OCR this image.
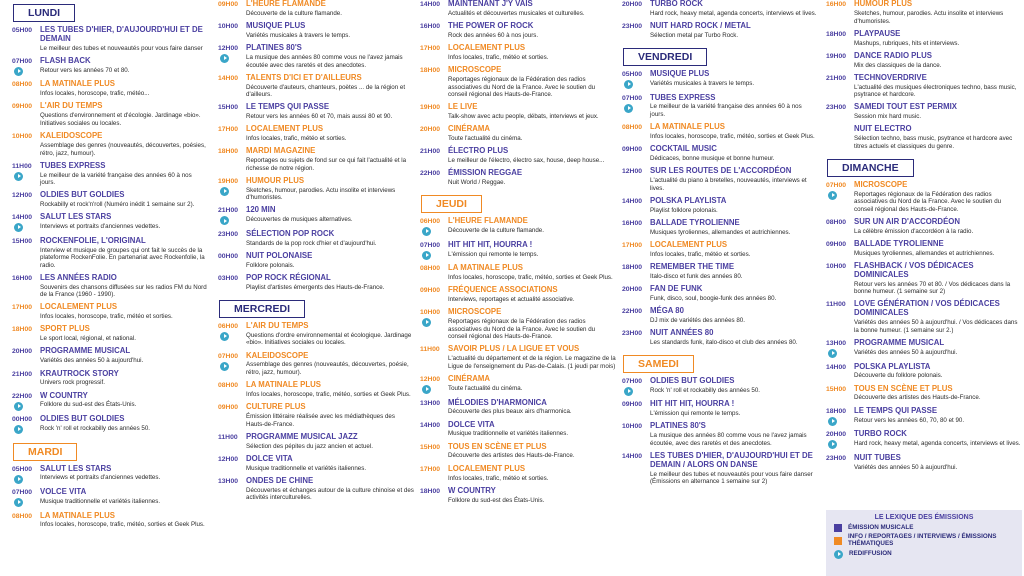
LUNDI
05H00	LES TUBES D'HIER, D'AUJOURD'HUI ET DE DEMAIN
Le meilleur des tubes et nouveautés pour vous faire danser
07H00	FLASH BACK
Retour vers les années 70 et 80.
08H00	LA MATINALE PLUS
Infos locales, horoscope, trafic, météo...
09H00	L'AIR DU TEMPS
Questions d'environnement et d'écologie. Jardinage «bio». Initiatives sociales ou locales.
10H00	KALEIDOSCOPE
Assemblage des genres (nouveautés, découvertes, poésies, rétro, jazz, humour).
11H00	TUBES EXPRESS
Le meilleur de la variété française des années 60 à nos jours.
12H00	OLDIES BUT GOLDIES
Rockabilly et rock'n'roll (Numéro inédit 1 semaine sur 2).
14H00	SALUT LES STARS
Interviews et portraits d'anciennes vedettes.
15H00	ROCKENFOLIE, L'ORIGINAL
Interview et musique de groupes qui ont fait le succès de la plateforme RockenFolie. En partenariat avec Rockenfolie, la radio.
16H00	LES ANNÉES RADIO
Souvenirs des chansons diffusées sur les radios FM du Nord de la France (1960 - 1990).
17H00	LOCALEMENT PLUS
Infos locales, horoscope, trafic, météo et sorties.
18H00	SPORT PLUS
Le sport local, régional, et national.
20H00	PROGRAMME MUSICAL
Variétés des années 50 à aujourd'hui.
21H00	KRAUTROCK STORY
Univers rock progressif.
22H00	W COUNTRY
Folklore du sud-est des États-Unis.
00H00	OLDIES BUT GOLDIES
Rock 'n' roll et rockabilly des années 50.
MARDI
05H00	SALUT LES STARS
Interviews et portraits d'anciennes vedettes.
07H00	VOLCE VITA
Musique traditionnelle et variétés italiennes.
08H00	LA MATINALE PLUS
Infos locales, horoscope, trafic, météo, sorties et Geek Plus.
09H00	L'HEURE FLAMANDE
Découverte de la culture flamande.
10H00	MUSIQUE PLUS
Variétés musicales à travers le temps.
12H00	PLATINES 80'S
La musique des années 80 comme vous ne l'avez jamais écoutée avec des raretés et des anecdotes.
14H00	TALENTS D'ICI ET D'AILLEURS
Découverte d'auteurs, chanteurs, poètes ... de la région et d'ailleurs.
15H00	LE TEMPS QUI PASSE
Retour vers les années 60 et 70, mais aussi 80 et 90.
17H00	LOCALEMENT PLUS
Infos locales, trafic, météo et sorties.
18H00	MARDI MAGAZINE
Reportages ou sujets de fond sur ce qui fait l'actualité et la richesse de notre région.
19H00	HUMOUR PLUS
Sketches, humour, parodies. Actu insolite et interviews d'humoristes.
21H00	120 MIN
Découvertes de musiques alternatives.
23H00	SÉLECTION POP ROCK
Standards de la pop rock d'hier et d'aujourd'hui.
00H00	NUIT POLONAISE
Folklore polonais.
03H00	POP ROCK RÉGIONAL
Playlist d'artistes émergents des Hauts-de-France.
MERCREDI
06H00	L'AIR DU TEMPS
Questions d'ordre environnemental et écologique. Jardinage «bio». Initiatives sociales ou locales.
07H00	KALEIDOSCOPE
Assemblage des genres (nouveautés, découvertes, poésie, rétro, jazz, humour).
08H00	LA MATINALE PLUS
Infos locales, horoscope, trafic, météo, sorties et Geek Plus.
09H00	CULTURE PLUS
Émission littéraire réalisée avec les médiathèques des Hauts-de-France.
11H00	PROGRAMME MUSICAL JAZZ
Sélection des pépites du jazz ancien et actuel.
12H00	DOLCE VITA
Musique traditionnelle et variétés italiennes.
13H00	ONDES DE CHINE
Découvertes et échanges autour de la culture chinoise et des activités interculturelles.
14H00	MAINTENANT J'Y VAIS
Actualités et découvertes musicales et culturelles.
16H00	THE POWER OF ROCK
Rock des années 60 à nos jours.
17H00	LOCALEMENT PLUS
Infos locales, trafic, météo et sorties.
18H00	MICROSCOPE
Reportages régionaux de la Fédération des radios associatives du Nord de la France. Avec le soutien du conseil régional des Hauts-de-France.
19H00	LE LIVE
Talk-show avec actu people, débats, interviews et jeux.
20H00	CINÉRAMA
Toute l'actualité du cinéma.
21H00	ÉLECTRO PLUS
Le meilleur de l'électro, électro sax, house, deep house...
22H00	ÉMISSION REGGAE
Nuit World / Reggae.
JEUDI
06H00	L'HEURE FLAMANDE
Découverte de la culture flamande.
07H00	HIT HIT HIT, HOURRA !
L'émission qui remonte le temps.
08H00	LA MATINALE PLUS
Infos locales, horoscope, trafic, météo, sorties et Geek Plus.
09H00	FRÉQUENCE ASSOCIATIONS
Interviews, reportages et actualité associative.
10H00	MICROSCOPE
Reportages régionaux de la Fédération des radios associatives du Nord de la France. Avec le soutien du conseil régional des Hauts-de-France.
11H00	SAVOIR PLUS / LA LIGUE ET VOUS
L'actualité du département et de la région. Le magazine de la Ligue de l'enseignement du Pas-de-Calais. (1 jeudi par mois)
12H00	CINÉRAMA
Toute l'actualité du cinéma.
13H00	MÉLODIES D'HARMONICA
Découverte des plus beaux airs d'harmonica.
14H00	DOLCE VITA
Musique traditionnelle et variétés italiennes.
15H00	TOUS EN SCÈNE ET PLUS
Découverte des artistes des Hauts-de-France.
17H00	LOCALEMENT PLUS
Infos locales, trafic, météo et sorties.
18H00	W COUNTRY
Folklore du sud-est des États-Unis.
20H00	TURBO ROCK
Hard rock, heavy metal, agenda concerts, interviews et lives.
23H00	NUIT HARD ROCK / METAL
Sélection metal par Turbo Rock.
VENDREDI
05H00	MUSIQUE PLUS
Variétés musicales à travers le temps.
07H00	TUBES EXPRESS
Le meilleur de la variété française des années 60 à nos jours.
08H00	LA MATINALE PLUS
Infos locales, horoscope, trafic, météo, sorties et Geek Plus.
09H00	COCKTAIL MUSIC
Dédicaces, bonne musique et bonne humeur.
12H00	SUR LES ROUTES DE L'ACCORDÉON
L'actualité du piano à bretelles, nouveautés, interviews et lives.
14H00	POLSKA PLAYLISTA
Playlist folklore polonais.
16H00	BALLADE TYROLIENNE
Musiques tyroliennes, allemandes et autrichiennes.
17H00	LOCALEMENT PLUS
Infos locales, trafic, météo et sorties.
18H00	REMEMBER THE TIME
Italo-disco et funk des années 80.
20H00	FAN DE FUNK
Funk, disco, soul, boogie-funk des années 80.
22H00	MÉGA 80
DJ mix de variétés des années 80.
23H00	NUIT ANNÉES 80
Les standards funk, italo-disco et club des années 80.
SAMEDI
07H00	OLDIES BUT GOLDIES
Rock 'n' roll et rockabilly des années 50.
09H00	HIT HIT HIT, HOURRA !
L'émission qui remonte le temps.
10H00	PLATINES 80'S
La musique des années 80 comme vous ne l'avez jamais écoutée, avec des raretés et des anecdotes.
14H00	LES TUBES D'HIER, D'AUJOURD'HUI ET DE DEMAIN / ALORS ON DANSE
Le meilleur des tubes et nouveautés pour vous faire danser (Émissions en alternance 1 semaine sur 2)
16H00	HUMOUR PLUS
Sketches, humour, parodies. Actu insolite et interviews d'humoristes.
18H00	PLAYPAUSE
Mashups, rubriques, hits et interviews.
19H00	DANCE RADIO PLUS
Mix des classiques de la dance.
21H00	TECHNOVERDRIVE
L'actualité des musiques électroniques techno, bass music, psytrance et hardcore.
23H00	SAMEDI TOUT EST PERMIX
Session mix hard music.
NUIT ELECTRO
Sélection techno, bass music, psytrance et hardcore avec titres actuels et classiques du genre.
DIMANCHE
07H00	MICROSCOPE
Reportages régionaux de la Fédération des radios associatives du Nord de la France. Avec le soutien du conseil régional des Hauts-de-France.
08H00	SUR UN AIR D'ACCORDÉON
La célèbre émission d'accordéon à la radio.
09H00	BALLADE TYROLIENNE
Musiques tyroliennes, allemandes et autrichiennes.
10H00	FLASHBACK / VOS DÉDICACES DOMINICALES
Retour vers les années 70 et 80. / Vos dédicaces dans la bonne humeur. (1 semaine sur 2)
11H00	LOVE GÉNÉRATION / VOS DÉDICACES DOMINICALES
Variétés des années 50 à aujourd'hui. / Vos dédicaces dans la bonne humeur. (1 semaine sur 2.)
13H00	PROGRAMME MUSICAL
Variétés des années 50 à aujourd'hui.
14H00	POLSKA PLAYLISTA
Découverte du folklore polonais.
15H00	TOUS EN SCÈNE ET PLUS
Découverte des artistes des Hauts-de-France.
18H00	LE TEMPS QUI PASSE
Retour vers les années 60, 70, 80 et 90.
20H00	TURBO ROCK
Hard rock, heavy metal, agenda concerts, interviews et lives.
23H00	NUIT TUBES
Variétés des années 50 à aujourd'hui.
LE LEXIQUE DES ÉMISSIONS
ÉMISSION MUSICALE
INFO / REPORTAGES / INTERVIEWS / ÉMISSIONS THÉMATIQUES
REDIFFUSION
